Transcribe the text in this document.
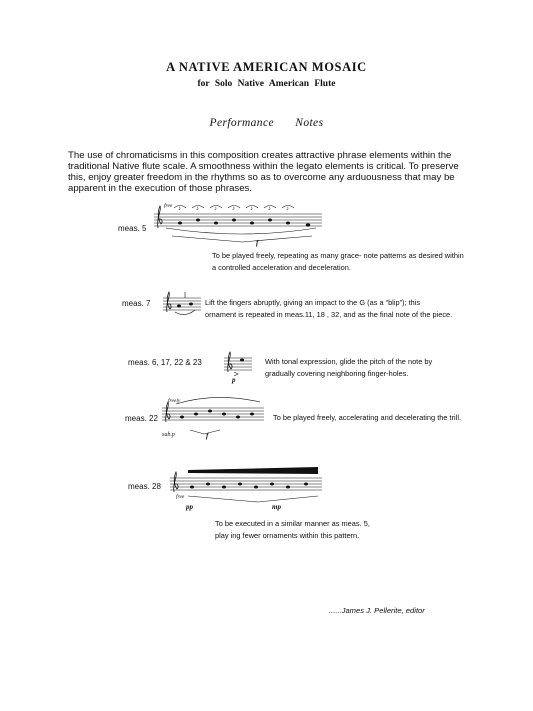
A NATIVE AMERICAN MOSAIC
for Solo Native American Flute
Performance Notes
The use of chromaticisms in this composition creates attractive phrase elements within the traditional Native flute scale. A smoothness within the legato elements is critical. To preserve this, enjoy greater freedom in the rhythms so as to overcome any arduousness that may be apparent in the execution of those phrases.
meas. 5
♪	♪	♪	♪	♪	♪	♪
free
f
To be played freely, repeating as many grace- note patterns as desired within
a controlled acceleration and deceleration.
meas. 7	Lift the fingers abruptly, giving an impact to the G (as a “blip”); this
ornament is repeated in meas.11, 18 , 32, and as the final note of the piece.
meas. 6, 17, 22 & 23
p
With tonal expression, glide the pitch of the note by
gradually covering neighboring finger-holes.
meas. 22
freely
sub.p	f
To be played freely, accelerating and decelerating the trill.
meas. 28
free
pp	mp
To be executed in a similar manner as meas. 5,
play ing fewer ornaments within this pattern.
......James J. Pellerite, editor
